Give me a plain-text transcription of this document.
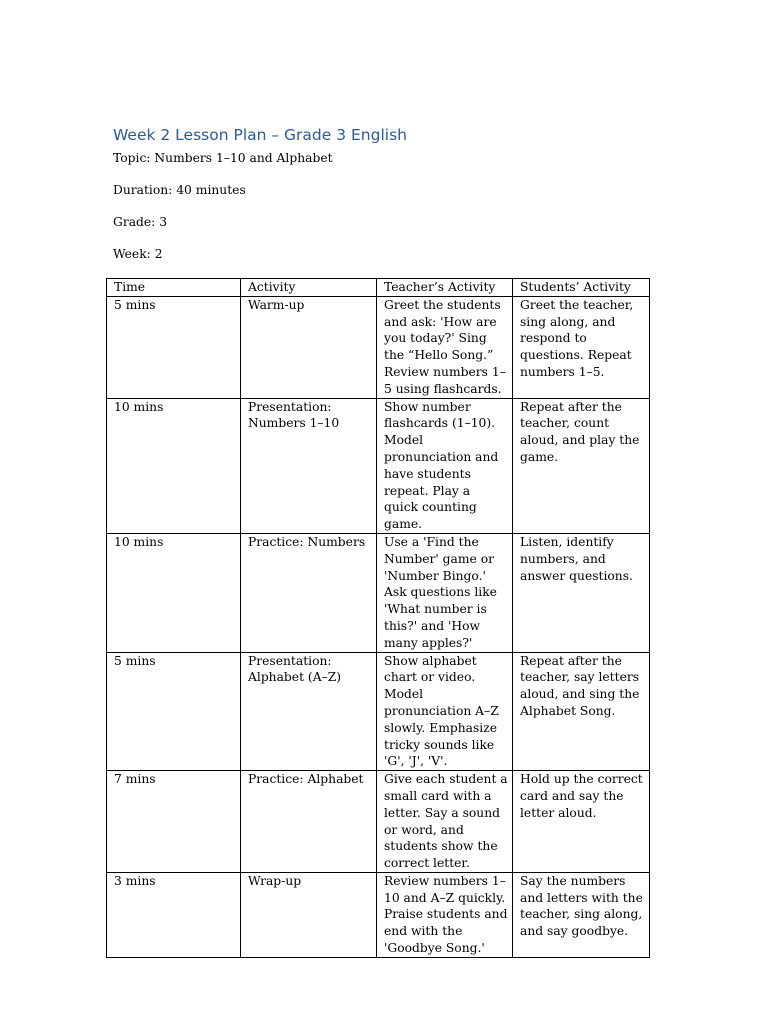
Week 2 Lesson Plan – Grade 3 English

Topic: Numbers 1–10 and Alphabet

Duration: 40 minutes

Grade: 3

Week: 2

Time	Activity	Teacher’s Activity	Students’ Activity
5 mins	Warm-up	Greet the students and ask: 'How are you today?' Sing the “Hello Song.” Review numbers 1–5 using flashcards.	Greet the teacher, sing along, and respond to questions. Repeat numbers 1–5.
10 mins	Presentation: Numbers 1–10	Show number flashcards (1–10). Model pronunciation and have students repeat. Play a quick counting game.	Repeat after the teacher, count aloud, and play the game.
10 mins	Practice: Numbers	Use a 'Find the Number' game or 'Number Bingo.' Ask questions like 'What number is this?' and 'How many apples?'	Listen, identify numbers, and answer questions.
5 mins	Presentation: Alphabet (A–Z)	Show alphabet chart or video. Model pronunciation A–Z slowly. Emphasize tricky sounds like 'G', 'J', 'V'.	Repeat after the teacher, say letters aloud, and sing the Alphabet Song.
7 mins	Practice: Alphabet	Give each student a small card with a letter. Say a sound or word, and students show the correct letter.	Hold up the correct card and say the letter aloud.
3 mins	Wrap-up	Review numbers 1–10 and A–Z quickly. Praise students and end with the 'Goodbye Song.'	Say the numbers and letters with the teacher, sing along, and say goodbye.
